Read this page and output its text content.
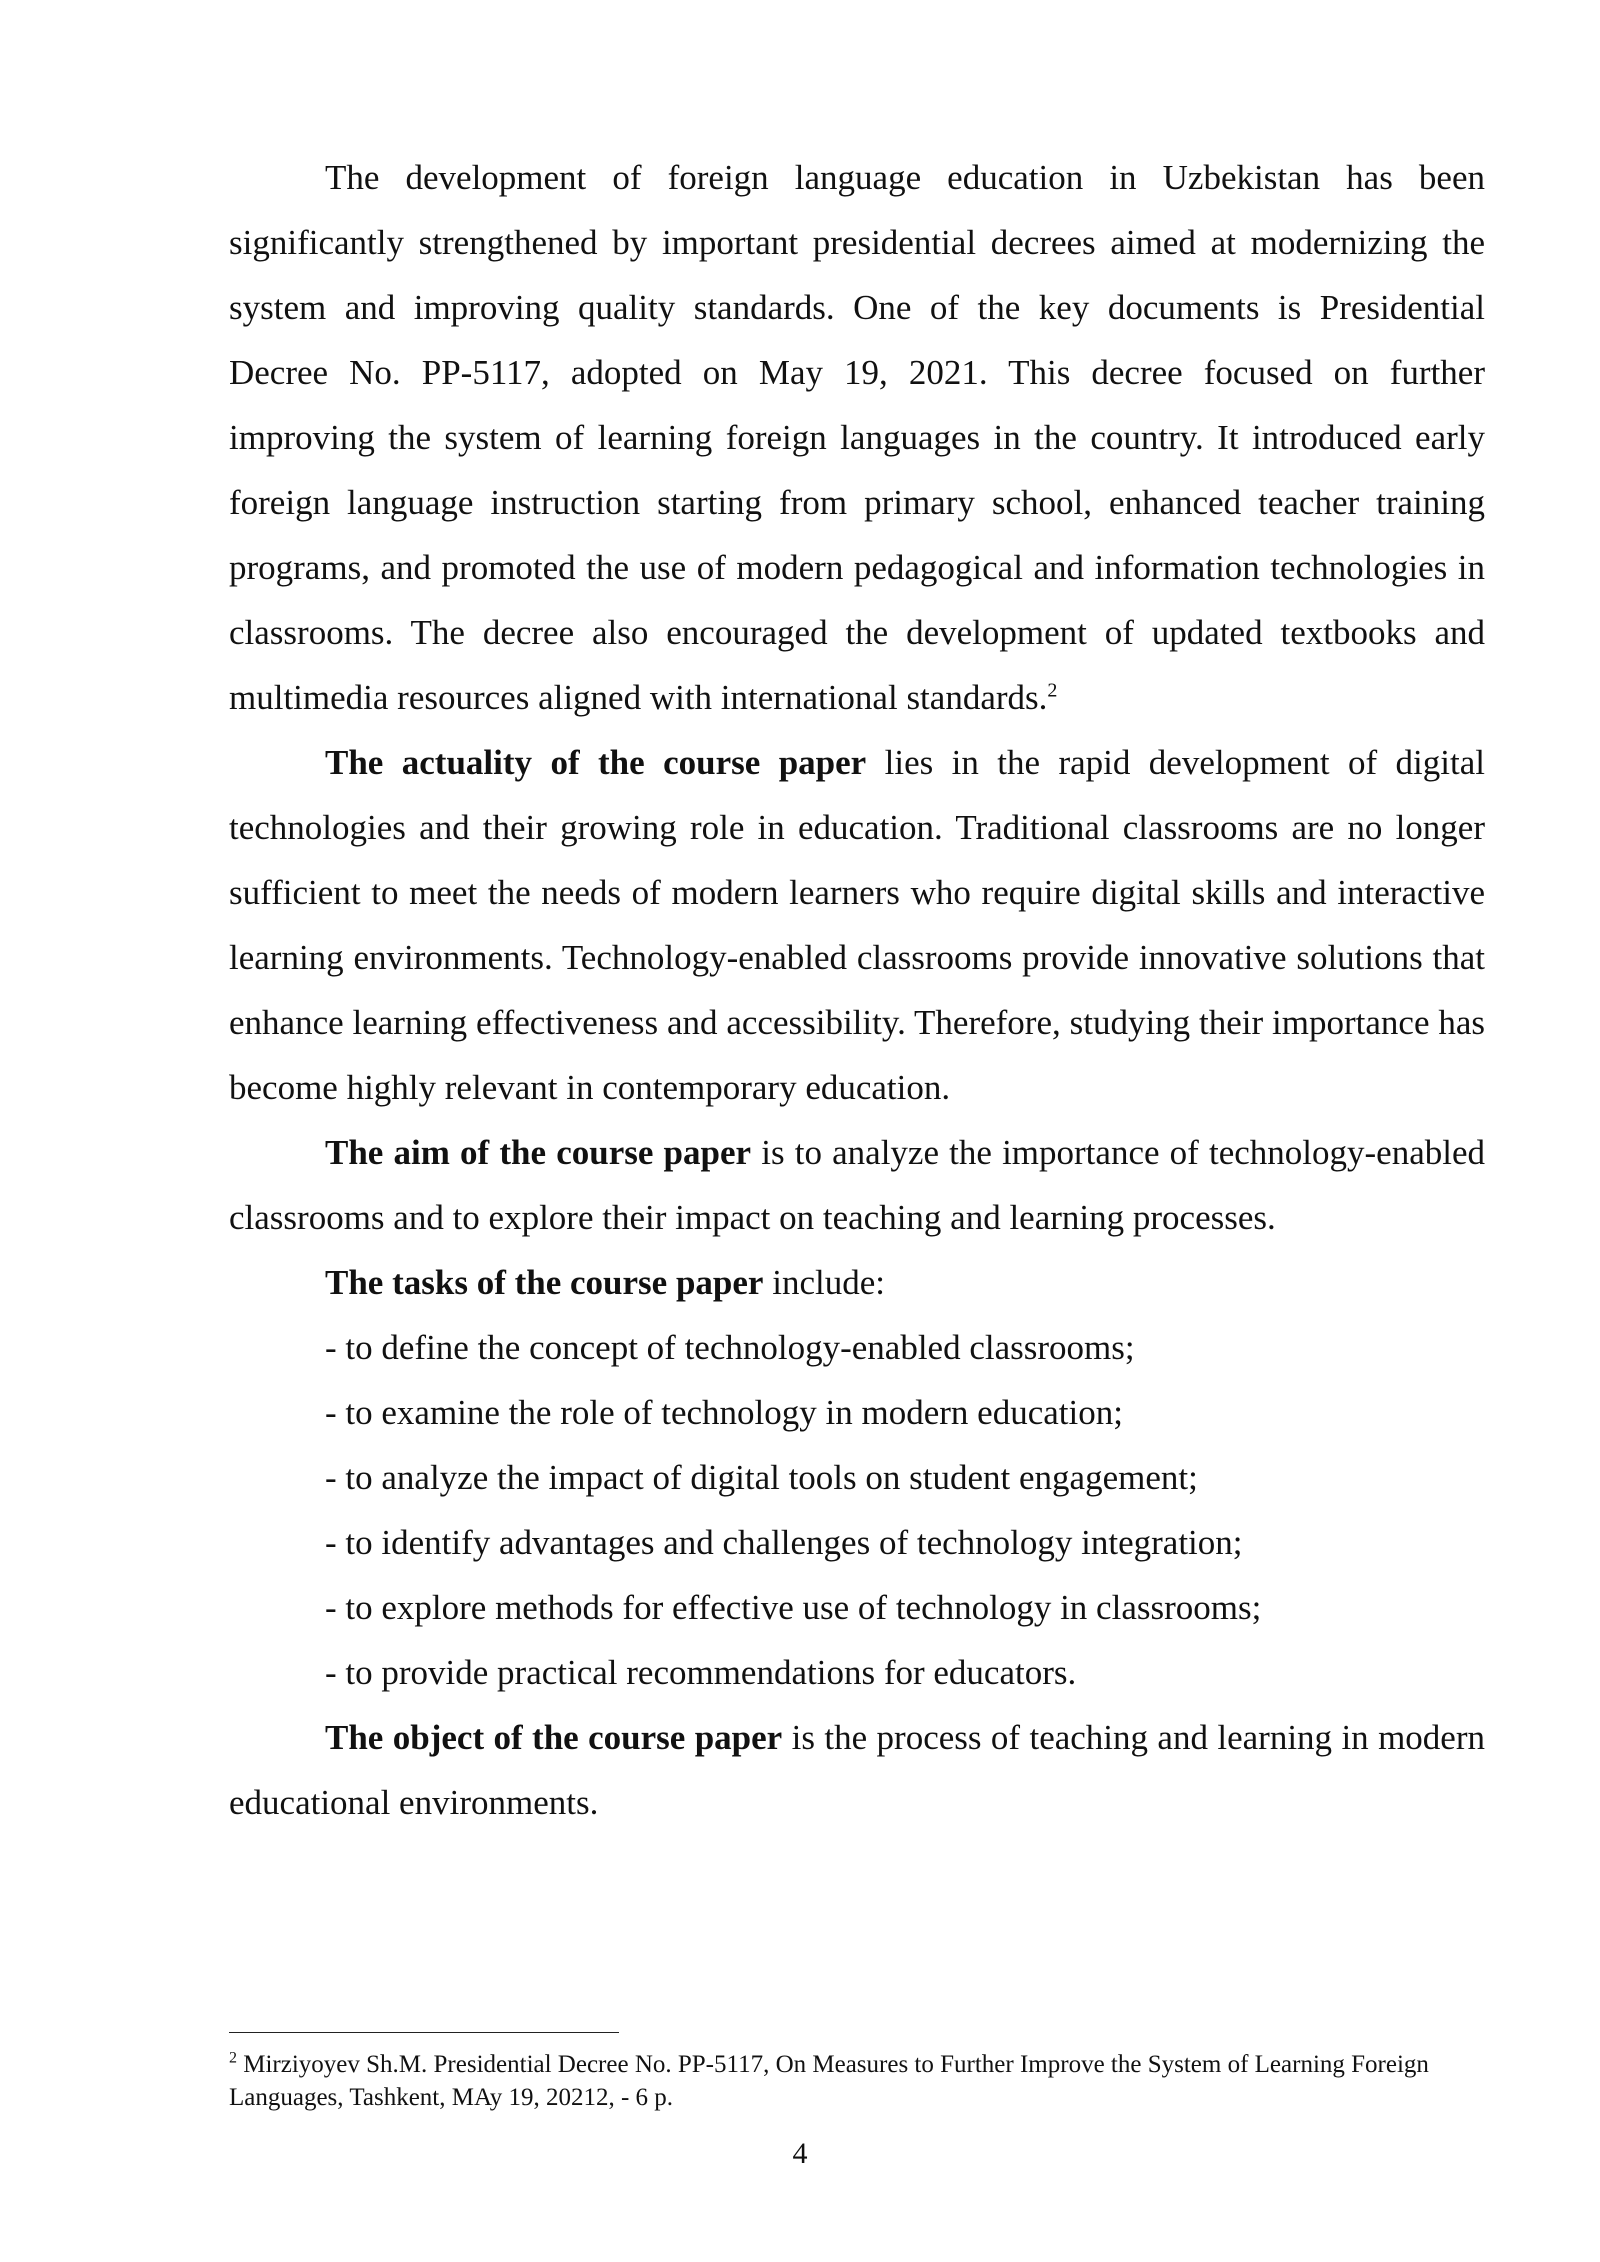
The development of foreign language education in Uzbekistan has been significantly strengthened by important presidential decrees aimed at modernizing the system and improving quality standards. One of the key documents is Presidential Decree No. PP-5117, adopted on May 19, 2021. This decree focused on further improving the system of learning foreign languages in the country. It introduced early foreign language instruction starting from primary school, enhanced teacher training programs, and promoted the use of modern pedagogical and information technologies in classrooms. The decree also encouraged the development of updated textbooks and multimedia resources aligned with international standards.$^2$

The actuality of the course paper lies in the rapid development of digital technologies and their growing role in education. Traditional classrooms are no longer sufficient to meet the needs of modern learners who require digital skills and interactive learning environments. Technology-enabled classrooms provide innovative solutions that enhance learning effectiveness and accessibility. Therefore, studying their importance has become highly relevant in contemporary education.

The aim of the course paper is to analyze the importance of technology-enabled classrooms and to explore their impact on teaching and learning processes.

The tasks of the course paper include:

- to define the concept of technology-enabled classrooms;

- to examine the role of technology in modern education;

- to analyze the impact of digital tools on student engagement;

- to identify advantages and challenges of technology integration;

- to explore methods for effective use of technology in classrooms;

- to provide practical recommendations for educators.

The object of the course paper is the process of teaching and learning in modern educational environments.

$^2$ Mirziyoyev Sh.M. Presidential Decree No. PP-5117, On Measures to Further Improve the System of Learning Foreign Languages, Tashkent, MAy 19, 20212, - 6 p.

4
